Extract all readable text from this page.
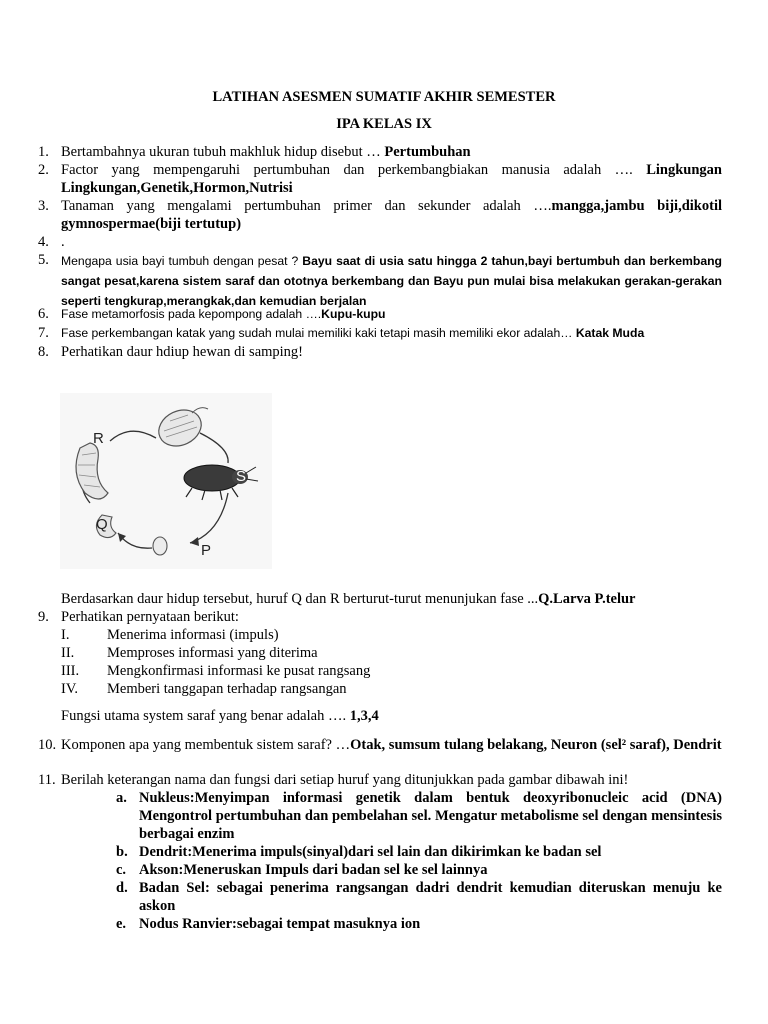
LATIHAN ASESMEN SUMATIF AKHIR SEMESTER
IPA KELAS IX
1. Bertambahnya ukuran tubuh makhluk hidup disebut … Pertumbuhan
2. Factor yang mempengaruhi pertumbuhan dan perkembangbiakan manusia adalah …. Lingkungan Lingkungan,Genetik,Hormon,Nutrisi
3. Tanaman yang mengalami pertumbuhan primer dan sekunder adalah ….mangga,jambu biji,dikotil gymnospermae(biji tertutup)
4. .
5. Mengapa usia bayi tumbuh dengan pesat ? Bayu saat di usia satu hingga 2 tahun,bayi bertumbuh dan berkembang sangat pesat,karena sistem saraf dan ototnya berkembang dan Bayu pun mulai bisa melakukan gerakan-gerakan seperti tengkurap,merangkak,dan kemudian berjalan
6. Fase metamorfosis pada kepompong adalah ….Kupu-kupu
7. Fase perkembangan katak yang sudah mulai memiliki kaki tetapi masih memiliki ekor adalah… Katak Muda
8. Perhatikan daur hdiup hewan di samping!
R
S
Q
P
Berdasarkan daur hidup tersebut, huruf Q dan R berturut-turut menunjukan fase ...Q.Larva P.telur
9. Perhatikan pernyataan berikut:
I.	Menerima informasi (impuls)
II. Memproses informasi yang diterima
III. Mengkonfirmasi informasi ke pusat rangsang
IV. Memberi tanggapan terhadap rangsangan
Fungsi utama system saraf yang benar adalah …. 1,3,4
10. Komponen apa yang membentuk sistem saraf? …Otak, sumsum tulang belakang, Neuron (sel² saraf), Dendrit
11. Berilah keterangan nama dan fungsi dari setiap huruf yang ditunjukkan pada gambar dibawah ini!
a. Nukleus:Menyimpan informasi genetik dalam bentuk deoxyribonucleic acid (DNA) Mengontrol pertumbuhan dan pembelahan sel. Mengatur metabolisme sel dengan mensintesis berbagai enzim
b. Dendrit:Menerima impuls(sinyal)dari sel lain dan dikirimkan ke badan sel
c. Akson:Meneruskan Impuls dari badan sel ke sel lainnya
d. Badan Sel: sebagai penerima rangsangan dadri dendrit kemudian diteruskan menuju ke askon
e. Nodus Ranvier:sebagai tempat masuknya ion
